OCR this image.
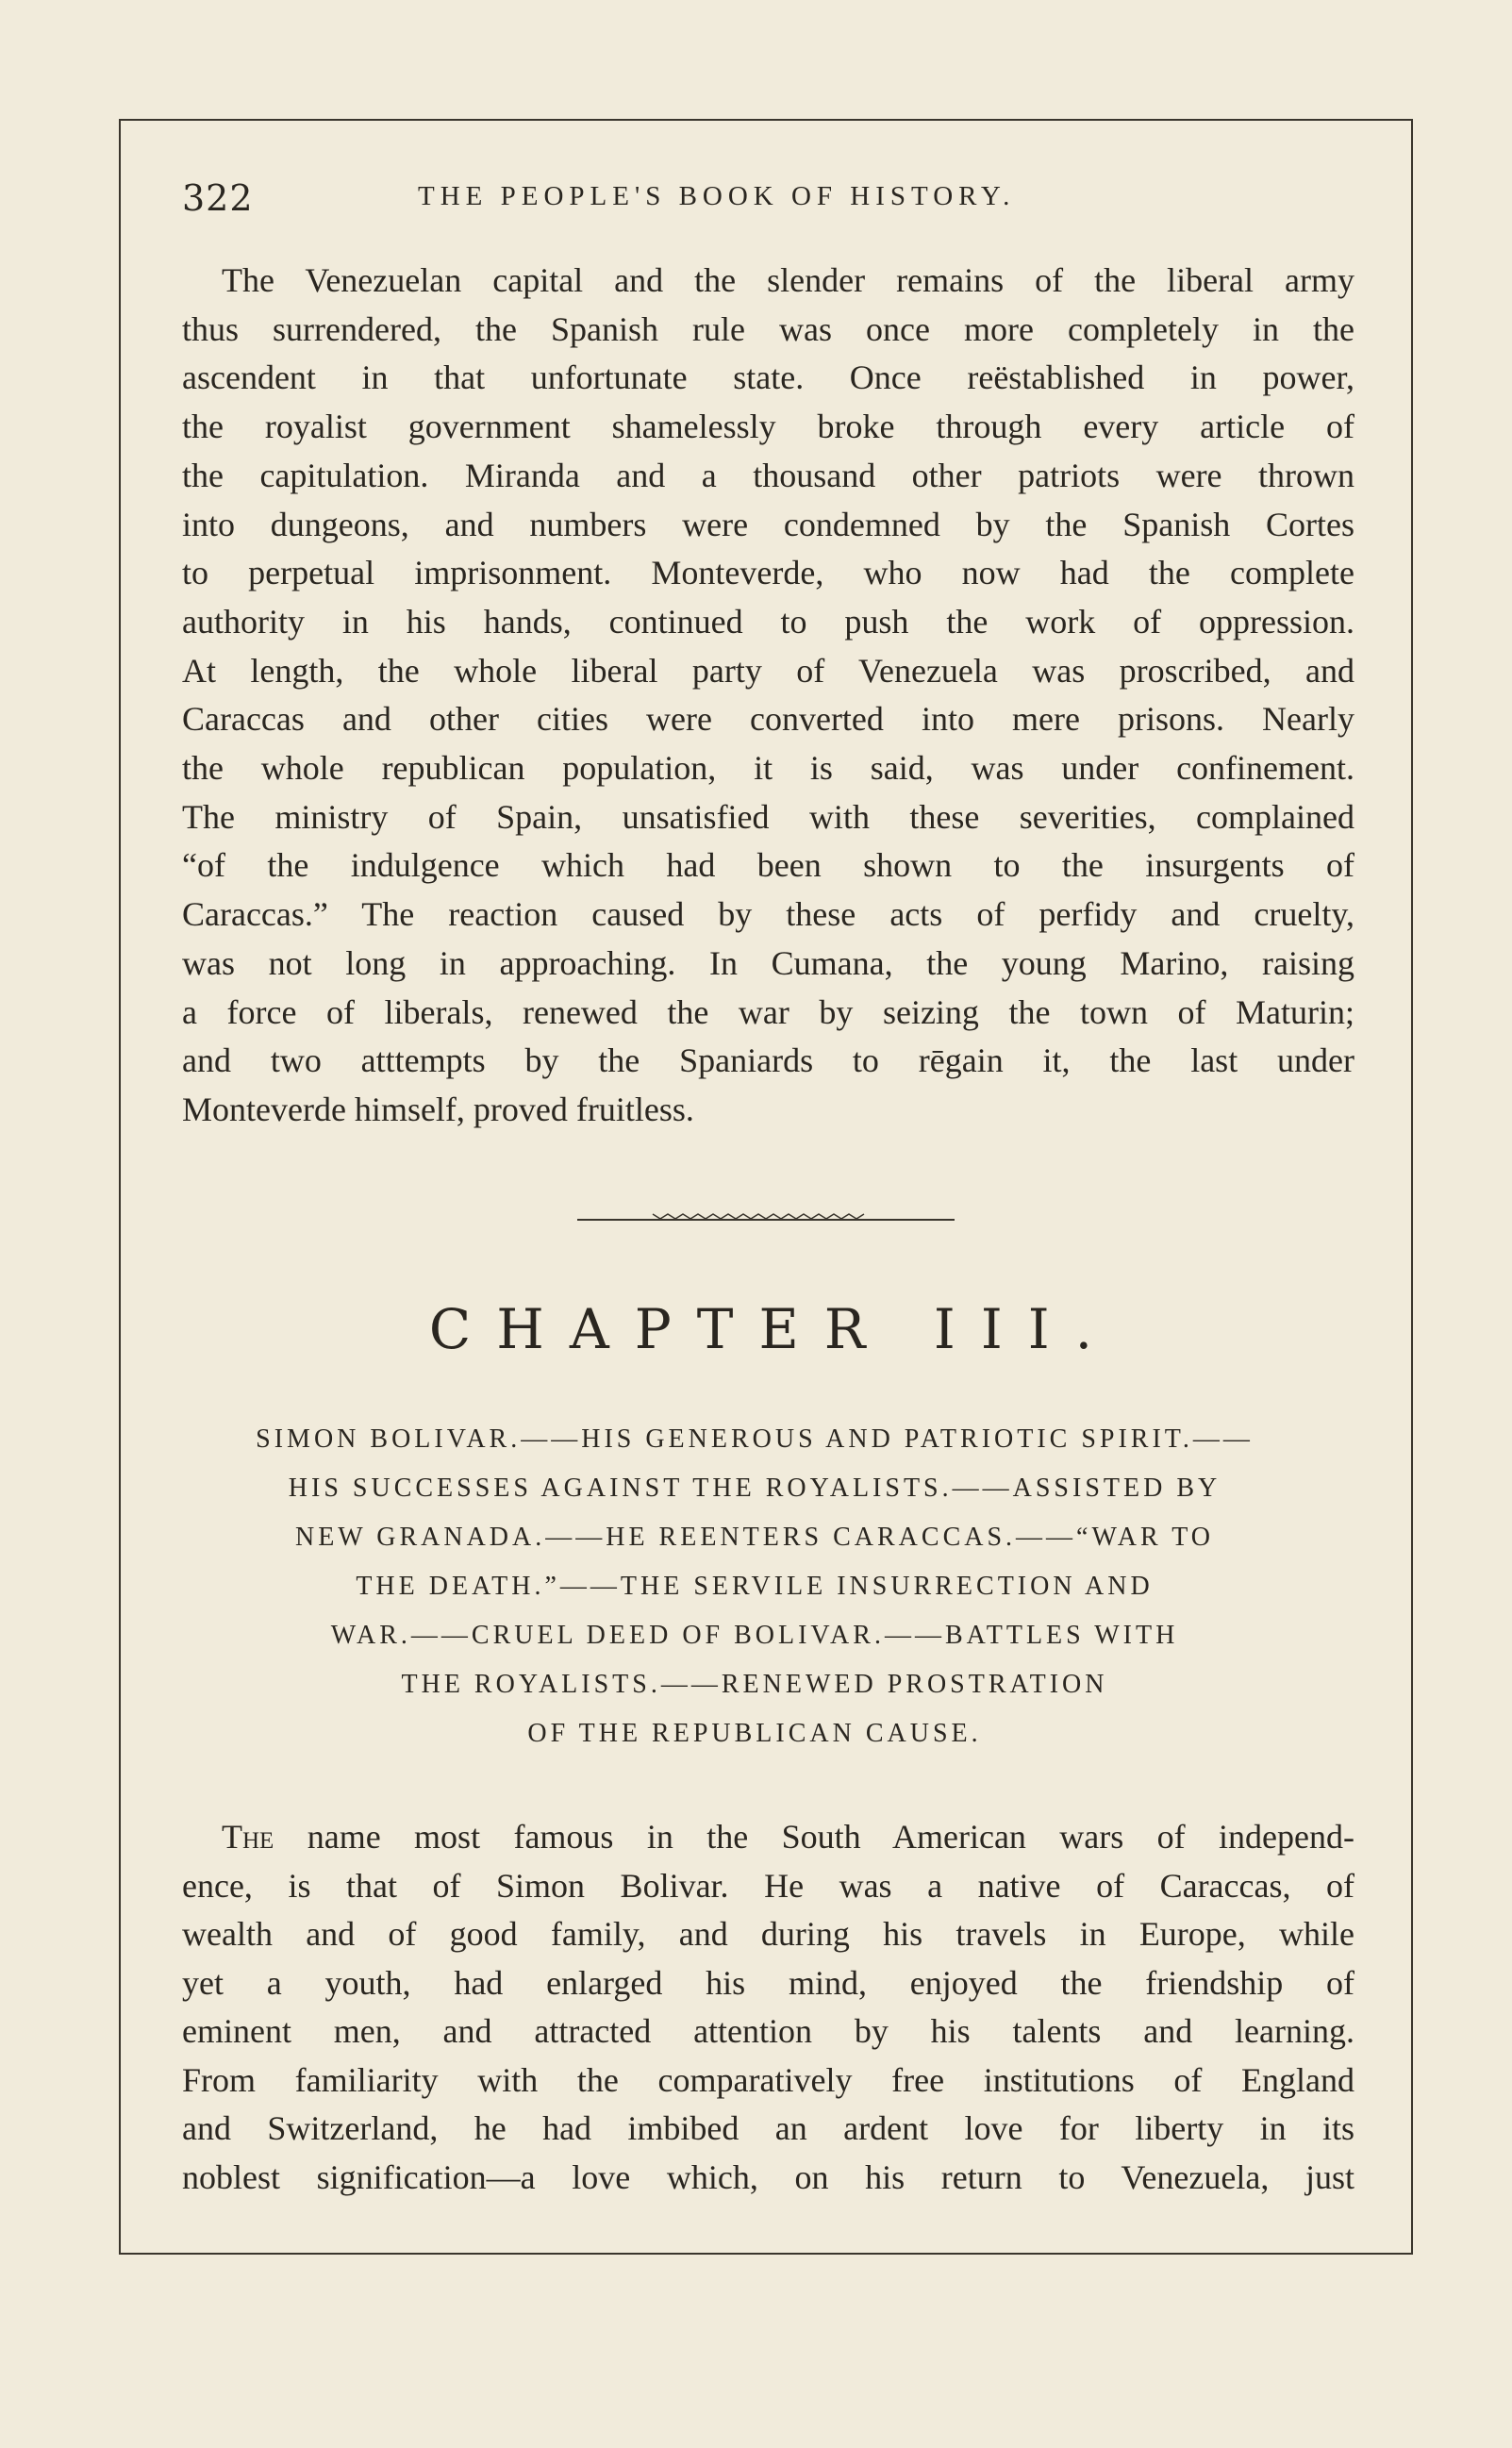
322	THE PEOPLE'S BOOK OF HISTORY.
The Venezuelan capital and the slender remains of the liberal army
thus surrendered, the Spanish rule was once more completely in the
ascendent in that unfortunate state. Once reëstablished in power,
the royalist government shamelessly broke through every article of
the capitulation. Miranda and a thousand other patriots were thrown
into dungeons, and numbers were condemned by the Spanish Cortes
to perpetual imprisonment. Monteverde, who now had the complete
authority in his hands, continued to push the work of oppression.
At length, the whole liberal party of Venezuela was proscribed, and
Caraccas and other cities were converted into mere prisons. Nearly
the whole republican population, it is said, was under confinement.
The ministry of Spain, unsatisfied with these severities, complained
“of the indulgence which had been shown to the insurgents of
Caraccas.” The reaction caused by these acts of perfidy and cruelty,
was not long in approaching. In Cumana, the young Marino, raising
a force of liberals, renewed the war by seizing the town of Maturin;
and two atttempts by the Spaniards to rēgain it, the last under
Monteverde himself, proved fruitless.
CHAPTER III.
SIMON BOLIVAR.——HIS GENEROUS AND PATRIOTIC SPIRIT.——
HIS SUCCESSES AGAINST THE ROYALISTS.——ASSISTED BY
NEW GRANADA.——HE REENTERS CARACCAS.——“WAR TO
THE DEATH.”——THE SERVILE INSURRECTION AND
WAR.——CRUEL DEED OF BOLIVAR.——BATTLES WITH
THE ROYALISTS.——RENEWED PROSTRATION
OF THE REPUBLICAN CAUSE.
The name most famous in the South American wars of independ-
ence, is that of Simon Bolivar. He was a native of Caraccas, of
wealth and of good family, and during his travels in Europe, while
yet a youth, had enlarged his mind, enjoyed the friendship of
eminent men, and attracted attention by his talents and learning.
From familiarity with the comparatively free institutions of England
and Switzerland, he had imbibed an ardent love for liberty in its
noblest signification—a love which, on his return to Venezuela, just
